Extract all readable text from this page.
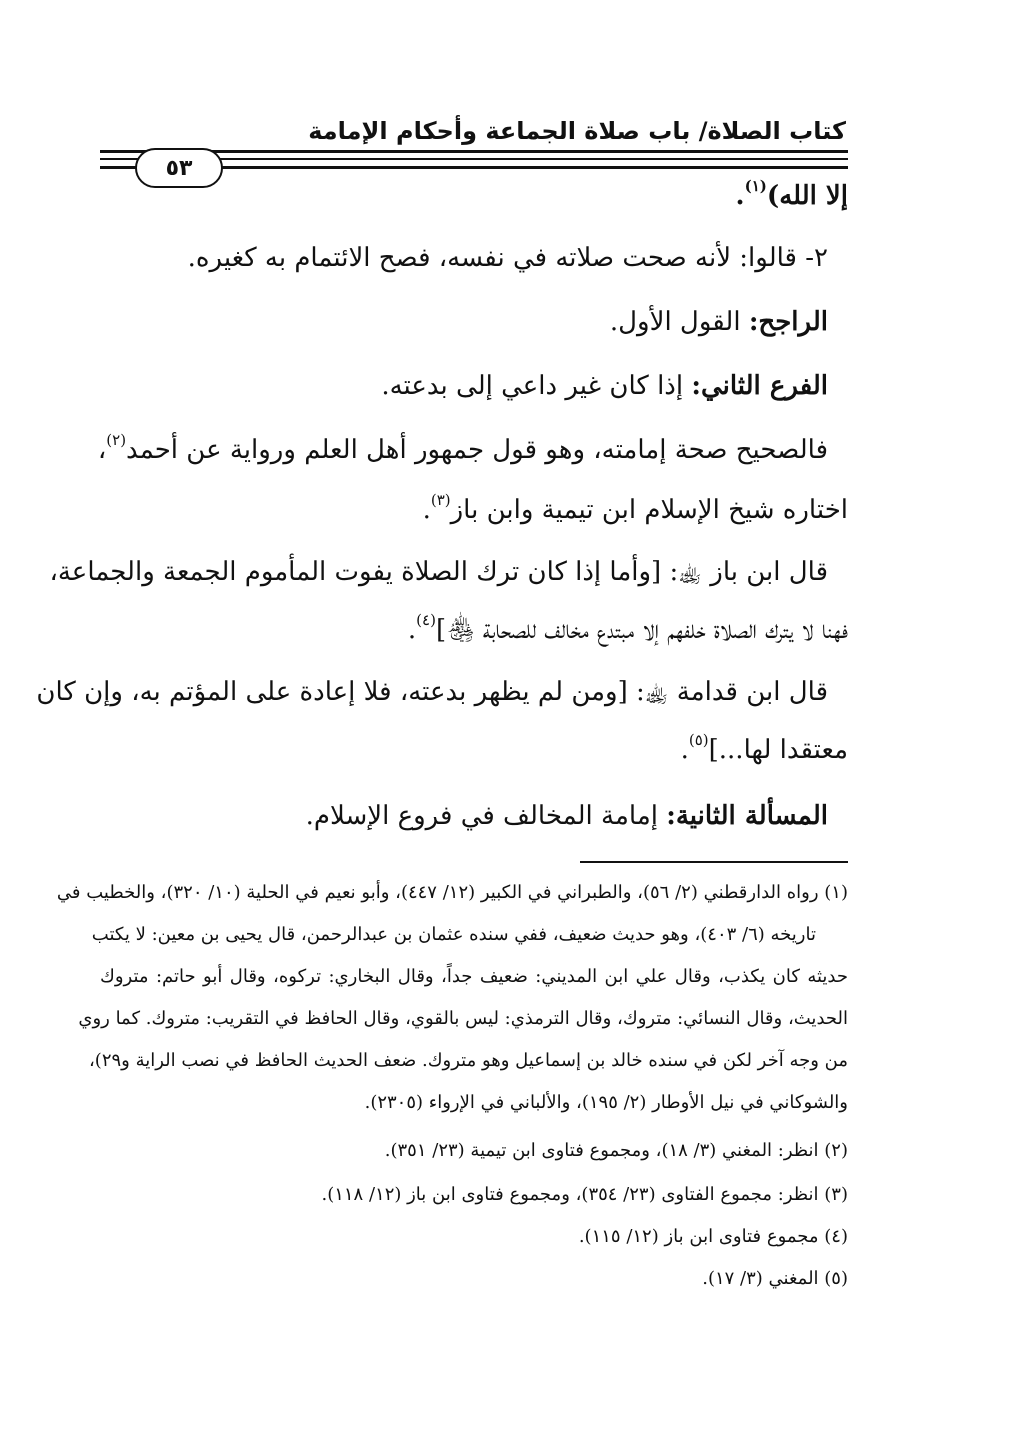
كتاب الصلاة/ باب صلاة الجماعة وأحكام الإمامة
٥٣
إلا الله)$^{(١)}$.
٢- قالوا: لأنه صحت صلاته في نفسه، فصح الائتمام به كغيره.
الراجح: القول الأول.
الفرع الثاني: إذا كان غير داعي إلى بدعته.
فالصحيح صحة إمامته، وهو قول جمهور أهل العلم ورواية عن أحمد$^{(٢)}$،
اختاره شيخ الإسلام ابن تيمية وابن باز$^{(٣)}$.
قال ابن باز ﵀: [وأما إذا كان ترك الصلاة يفوت المأموم الجمعة والجماعة،
فهنا لا يترك الصلاة خلفهم إلا مبتدع مخالف للصحابة ﵃]$^{(٤)}$.
قال ابن قدامة ﵀: [ومن لم يظهر بدعته، فلا إعادة على المؤتم به، وإن كان
معتقدا لها...]$^{(٥)}$.
المسألة الثانية: إمامة المخالف في فروع الإسلام.
(١) رواه الدارقطني (٢/ ٥٦)، والطبراني في الكبير (١٢/ ٤٤٧)، وأبو نعيم في الحلية (١٠/ ٣٢٠)، والخطيب في
تاريخه (٦/ ٤٠٣)، وهو حديث ضعيف، ففي سنده عثمان بن عبدالرحمن، قال يحيى بن معين: لا يكتب
حديثه كان يكذب، وقال علي ابن المديني: ضعيف جداً، وقال البخاري: تركوه، وقال أبو حاتم: متروك
الحديث، وقال النسائي: متروك، وقال الترمذي: ليس بالقوي، وقال الحافظ في التقريب: متروك. كما روي
من وجه آخر لكن في سنده خالد بن إسماعيل وهو متروك. ضعف الحديث الحافظ في نصب الراية و٢٩)،
والشوكاني في نيل الأوطار (٢/ ١٩٥)، والألباني في الإرواء (٢٣٠٥).
(٢) انظر: المغني (٣/ ١٨)، ومجموع فتاوى ابن تيمية (٢٣/ ٣٥١).
(٣) انظر: مجموع الفتاوى (٢٣/ ٣٥٤)، ومجموع فتاوى ابن باز (١٢/ ١١٨).
(٤) مجموع فتاوى ابن باز (١٢/ ١١٥).
(٥) المغني (٣/ ١٧).
